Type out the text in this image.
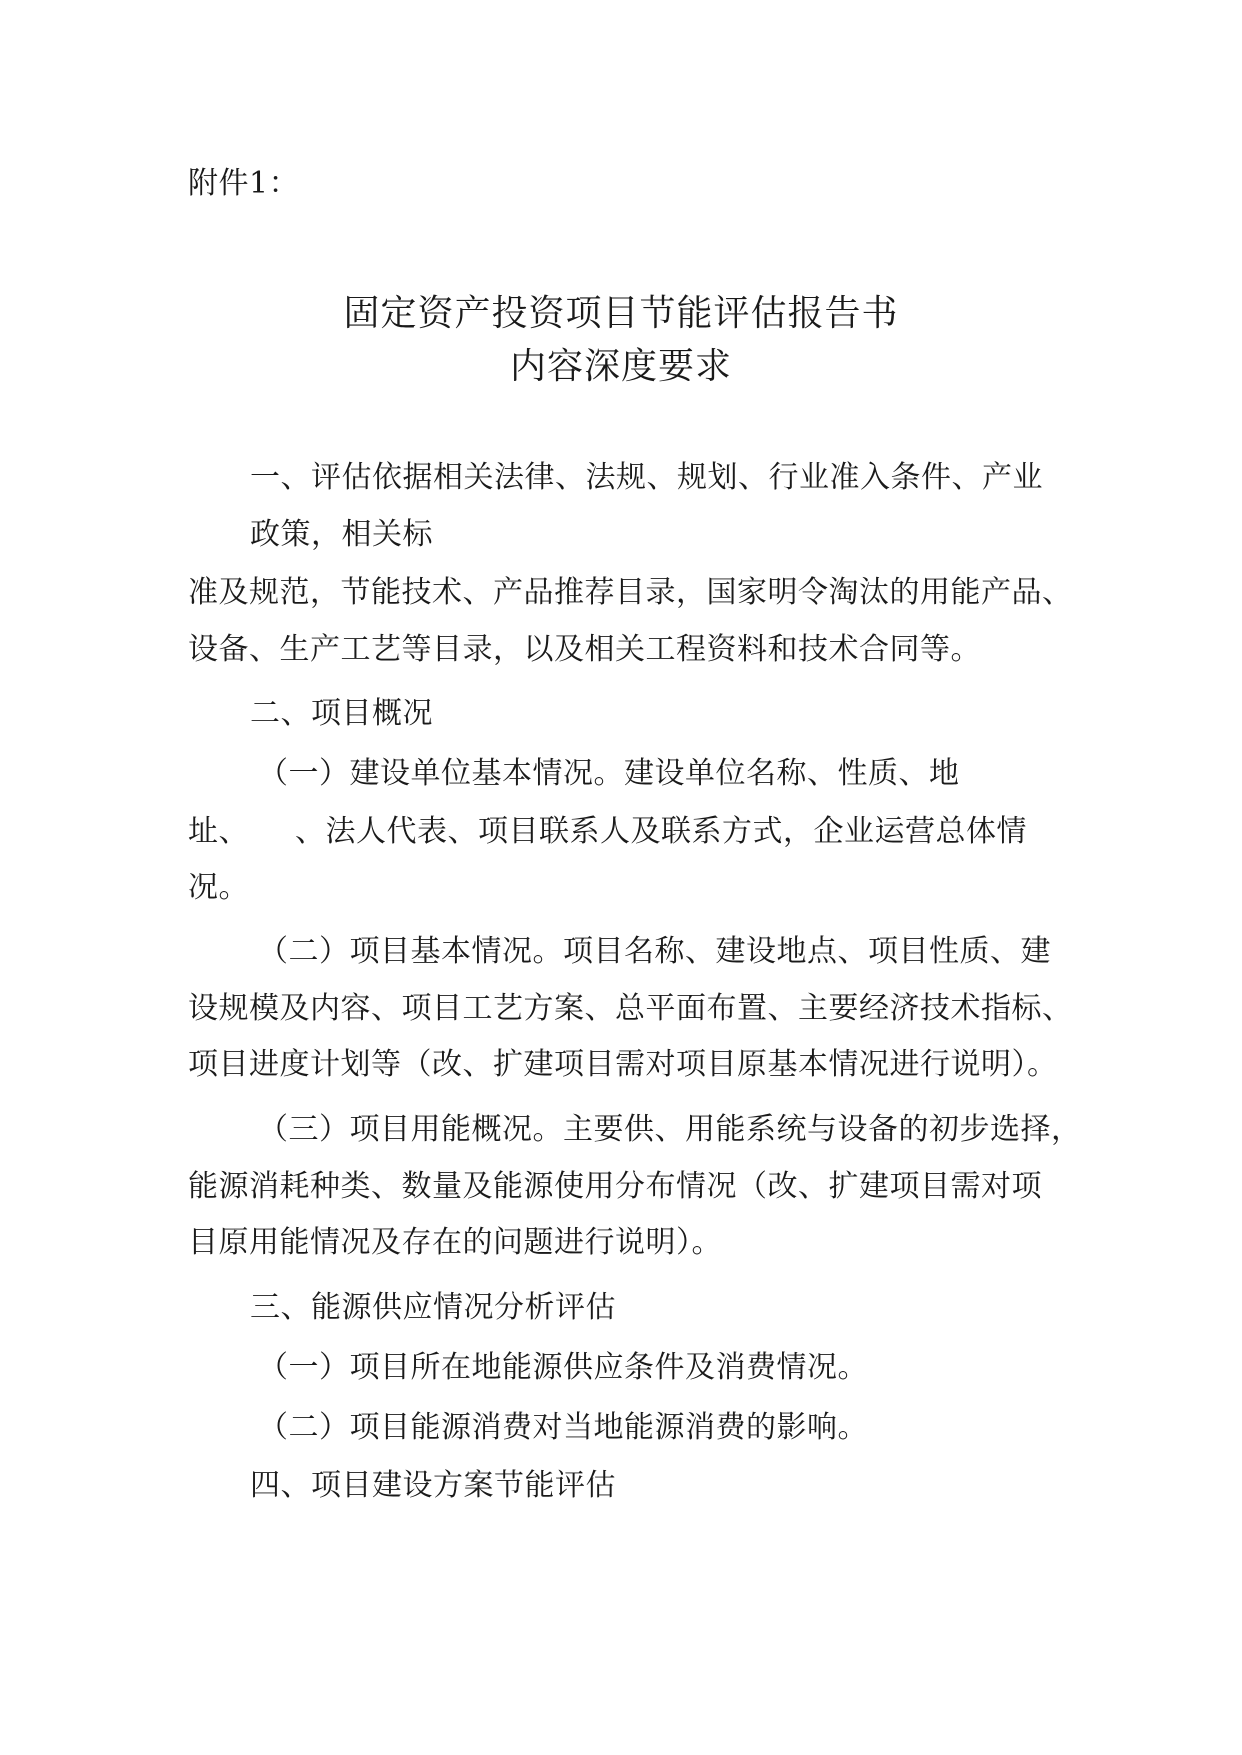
附件1：
固定资产投资项目节能评估报告书
内容深度要求
一、评估依据相关法律、法规、规划、行业准入条件、产业
政策，相关标
准及规范，节能技术、产品推荐目录，国家明令淘汰的用能产品、
设备、生产工艺等目录，以及相关工程资料和技术合同等。
二、项目概况
（一）建设单位基本情况。建设单位名称、性质、地
址、　　、法人代表、项目联系人及联系方式，企业运营总体情
况。
（二）项目基本情况。项目名称、建设地点、项目性质、建
设规模及内容、项目工艺方案、总平面布置、主要经济技术指标、
项目进度计划等（改、扩建项目需对项目原基本情况进行说明）。
（三）项目用能概况。主要供、用能系统与设备的初步选择，
能源消耗种类、数量及能源使用分布情况（改、扩建项目需对项
目原用能情况及存在的问题进行说明）。
三、能源供应情况分析评估
（一）项目所在地能源供应条件及消费情况。
（二）项目能源消费对当地能源消费的影响。
四、项目建设方案节能评估
